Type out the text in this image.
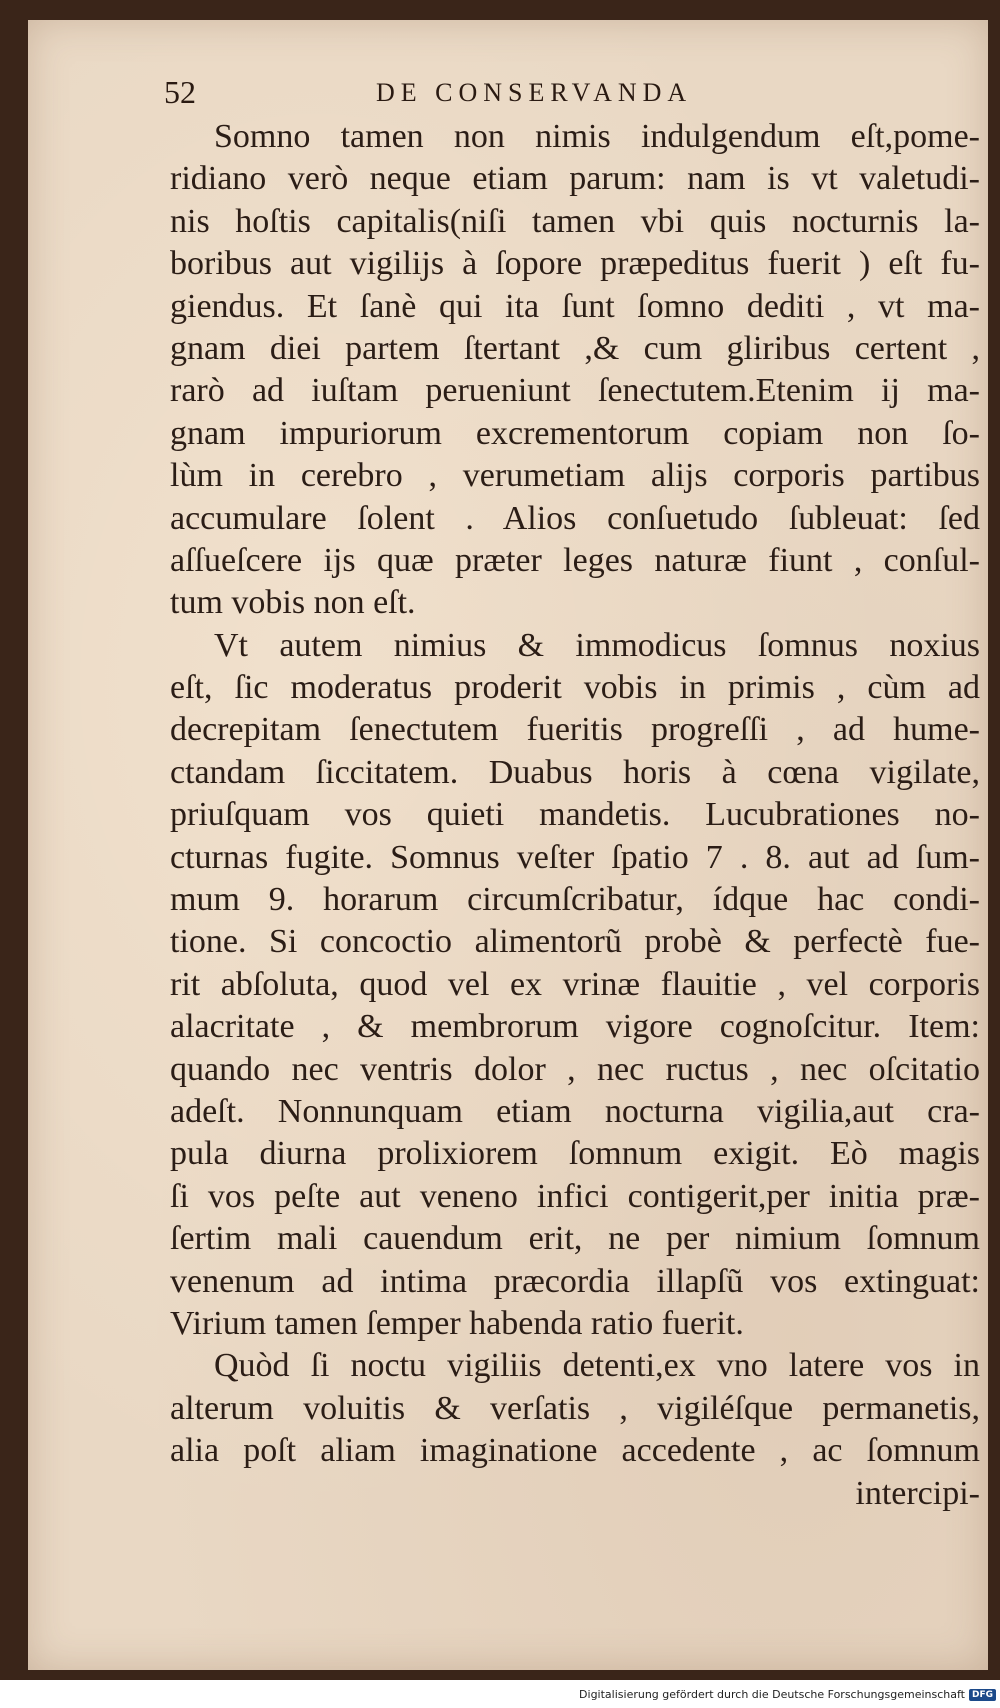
52	DE CONSERVANDA
Somno tamen non nimis indulgendum eſt,pome-
ridiano verò neque etiam parum: nam is vt valetudi-
nis hoſtis capitalis(niſi tamen vbi quis nocturnis la-
boribus aut vigilijs à ſopore præpeditus fuerit ) eſt fu-
giendus. Et ſanè qui ita ſunt ſomno dediti , vt ma-
gnam diei partem ſtertant ,& cum gliribus certent ,
rarò ad iuſtam perueniunt ſenectutem.Etenim ij ma-
gnam impuriorum excrementorum copiam non ſo-
lùm in cerebro , verumetiam alijs corporis partibus
accumulare ſolent . Alios conſuetudo ſubleuat: ſed
aſſueſcere ijs quæ præter leges naturæ fiunt , conſul-
tum vobis non eſt.
Vt autem nimius & immodicus ſomnus noxius
eſt, ſic moderatus proderit vobis in primis , cùm ad
decrepitam ſenectutem fueritis progreſſi , ad hume-
ctandam ſiccitatem. Duabus horis à cœna vigilate,
priuſquam vos quieti mandetis. Lucubrationes no-
cturnas fugite. Somnus veſter ſpatio 7 . 8. aut ad ſum-
mum 9. horarum circumſcribatur, ídque hac condi-
tione. Si concoctio alimentorũ probè & perfectè fue-
rit abſoluta, quod vel ex vrinæ flauitie , vel corporis
alacritate , & membrorum vigore cognoſcitur. Item:
quando nec ventris dolor , nec ructus , nec oſcitatio
adeſt. Nonnunquam etiam nocturna vigilia,aut cra-
pula diurna prolixiorem ſomnum exigit. Eò magis
ſi vos peſte aut veneno infici contigerit,per initia præ-
ſertim mali cauendum erit, ne per nimium ſomnum
venenum ad intima præcordia illapſũ vos extinguat:
Virium tamen ſemper habenda ratio fuerit.
Quòd ſi noctu vigiliis detenti,ex vno latere vos in
alterum voluitis & verſatis , vigiléſque permanetis,
alia poſt aliam imaginatione accedente , ac ſomnum
intercipi-
Digitalisierung gefördert durch die Deutsche Forschungsgemeinschaft DFG
